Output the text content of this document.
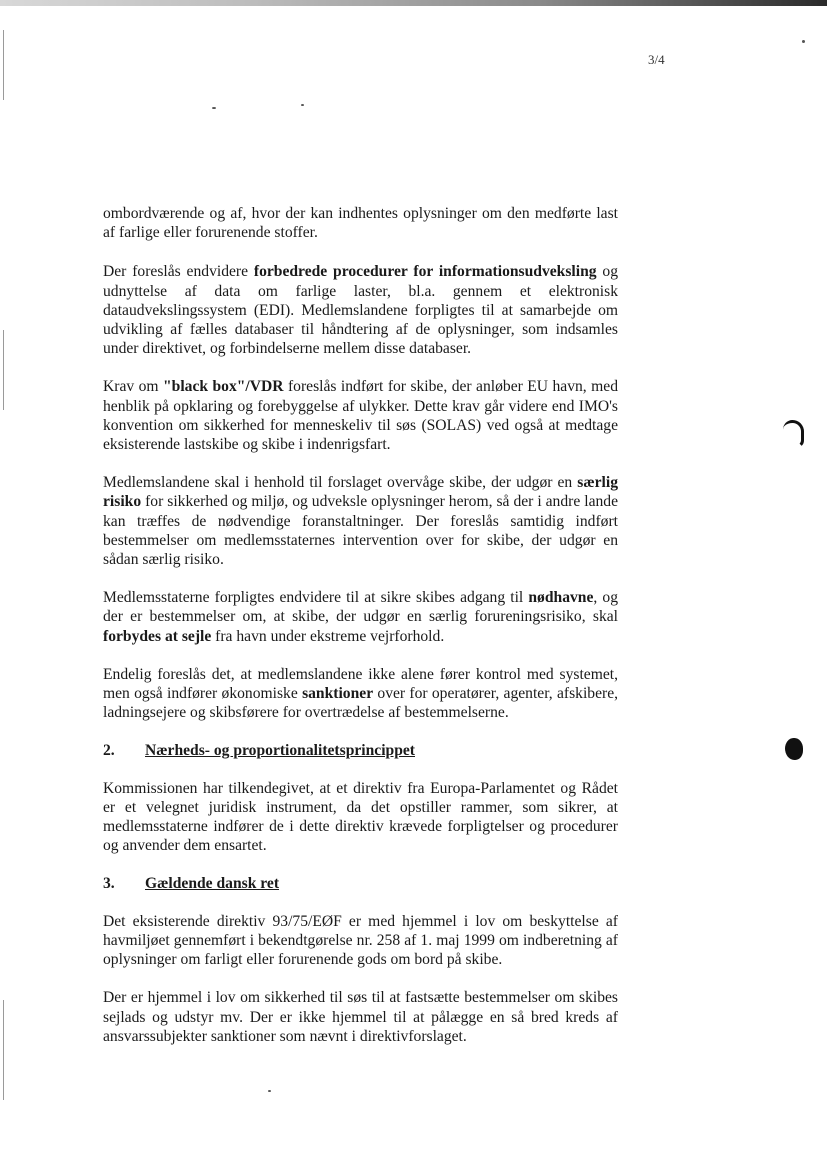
3/4

ombordværende og af, hvor der kan indhentes oplysninger om den medførte last af farlige eller forurenende stoffer.

Der foreslås endvidere forbedrede procedurer for informationsudveksling og udnyttelse af data om farlige laster, bl.a. gennem et elektronisk dataudvekslingssystem (EDI). Medlemslandene forpligtes til at samarbejde om udvikling af fælles databaser til håndtering af de oplysninger, som indsamles under direktivet, og forbindelserne mellem disse databaser.

Krav om "black box"/VDR foreslås indført for skibe, der anløber EU havn, med henblik på opklaring og forebyggelse af ulykker. Dette krav går videre end IMO's konvention om sikkerhed for menneskeliv til søs (SOLAS) ved også at medtage eksisterende lastskibe og skibe i indenrigsfart.

Medlemslandene skal i henhold til forslaget overvåge skibe, der udgør en særlig risiko for sikkerhed og miljø, og udveksle oplysninger herom, så der i andre lande kan træffes de nødvendige foranstaltninger. Der foreslås samtidig indført bestemmelser om medlemsstaternes intervention over for skibe, der udgør en sådan særlig risiko.

Medlemsstaterne forpligtes endvidere til at sikre skibes adgang til nødhavne, og der er bestemmelser om, at skibe, der udgør en særlig forureningsrisiko, skal forbydes at sejle fra havn under ekstreme vejrforhold.

Endelig foreslås det, at medlemslandene ikke alene fører kontrol med systemet, men også indfører økonomiske sanktioner over for operatører, agenter, afskibere, ladningsejere og skibsførere for overtrædelse af bestemmelserne.

2.	Nærheds- og proportionalitetsprincippet

Kommissionen har tilkendegivet, at et direktiv fra Europa-Parlamentet og Rådet er et velegnet juridisk instrument, da det opstiller rammer, som sikrer, at medlemsstaterne indfører de i dette direktiv krævede forpligtelser og procedurer og anvender dem ensartet.

3.	Gældende dansk ret

Det eksisterende direktiv 93/75/EØF er med hjemmel i lov om beskyttelse af havmiljøet gennemført i bekendtgørelse nr. 258 af 1. maj 1999 om indberetning af oplysninger om farligt eller forurenende gods om bord på skibe.

Der er hjemmel i lov om sikkerhed til søs til at fastsætte bestemmelser om skibes sejlads og udstyr mv. Der er ikke hjemmel til at pålægge en så bred kreds af ansvarssubjekter sanktioner som nævnt i direktivforslaget.
